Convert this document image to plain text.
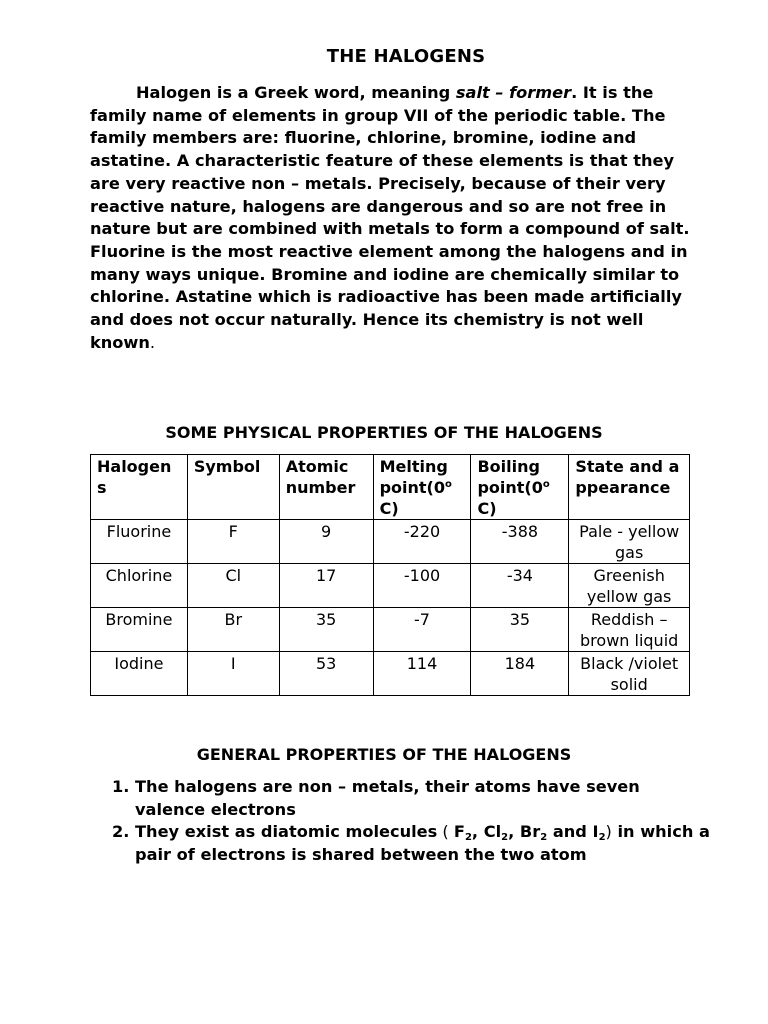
THE HALOGENS

Halogen is a Greek word, meaning salt – former. It is the family name of elements in group VII of the periodic table. The family members are: fluorine, chlorine, bromine, iodine and astatine. A characteristic feature of these elements is that they are very reactive non – metals. Precisely, because of their very reactive nature, halogens are dangerous and so are not free in nature but are combined with metals to form a compound of salt. Fluorine is the most reactive element among the halogens and in many ways unique. Bromine and iodine are chemically similar to chlorine. Astatine which is radioactive has been made artificially and does not occur naturally. Hence its chemistry is not well known.

SOME PHYSICAL PROPERTIES OF THE HALOGENS
Halogens	Symbol	Atomic number	Melting point(0$^o$ C)	Boiling point(0$^o$ C)	State and appearance
Fluorine	F	9	-220	-388	Pale - yellow gas
Chlorine	Cl	17	-100	-34	Greenish yellow gas
Bromine	Br	35	-7	35	Reddish – brown liquid
Iodine	I	53	114	184	Black /violet solid
GENERAL PROPERTIES OF THE HALOGENS
1. The halogens are non – metals, their atoms have seven valence electrons
2. They exist as diatomic molecules ( $F_2$, $Cl_2$, $Br_2$ and $I_2$) in which a pair of electrons is shared between the two atom
